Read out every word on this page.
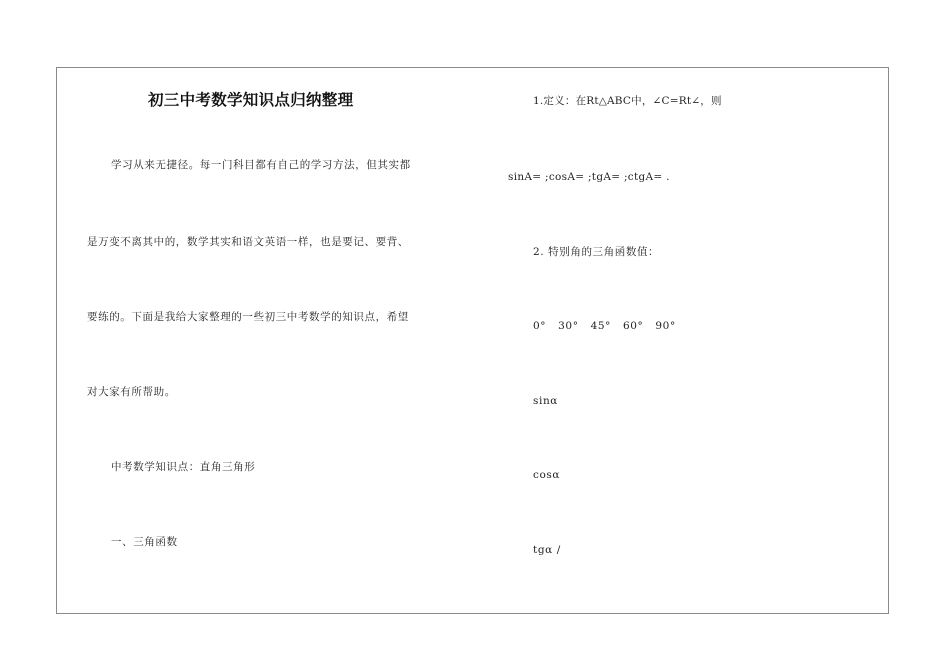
初三中考数学知识点归纳整理
学习从来无捷径。每一门科目都有自己的学习方法，但其实都
是万变不离其中的，数学其实和语文英语一样，也是要记、要背、
要练的。下面是我给大家整理的一些初三中考数学的知识点，希望
对大家有所帮助。
中考数学知识点：直角三角形
一、三角函数
1.定义：在Rt△ABC中，∠C=Rt∠，则
sinA= ;cosA= ;tgA= ;ctgA= .
2. 特别角的三角函数值：
0° 30° 45° 60° 90°
sinα
cosα
tgα /
